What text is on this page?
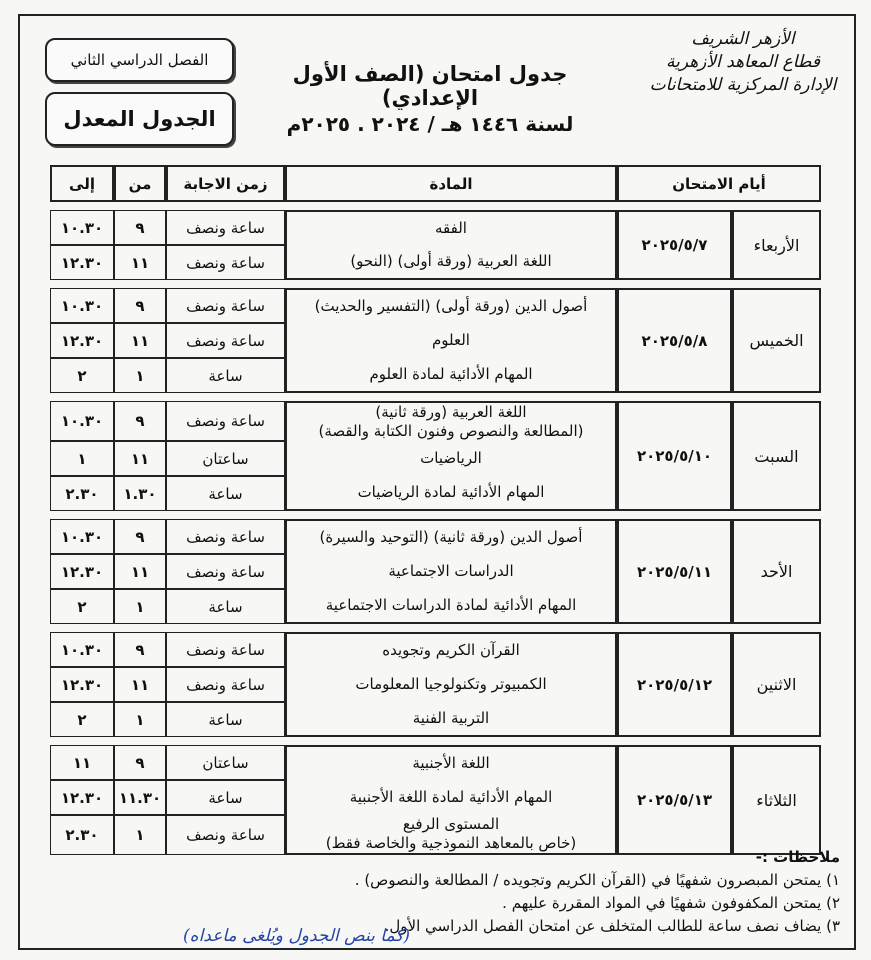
الأزهر الشريف
قطاع المعاهد الأزهرية
الإدارة المركزية للامتحانات
جدول امتحان (الصف الأول الإعدادي)
لسنة ١٤٤٦ هـ / ٢٠٢٤ . ٢٠٢٥م
الفصل الدراسي الثاني
الجدول المعدل
أيام الامتحان		المادة	زمن الاجابة	من	إلى

الأربعاء	٢٠٢٥/٥/٧	الفقه	ساعة ونصف	٩	١٠.٣٠

		اللغة العربية (ورقة أولى) (النحو)	ساعة ونصف	١١	١٢.٣٠

الخميس	٢٠٢٥/٥/٨	أصول الدين (ورقة أولى) (التفسير والحديث)	ساعة ونصف	٩	١٠.٣٠

		العلوم	ساعة ونصف	١١	١٢.٣٠

		المهام الأدائية لمادة العلوم	ساعة	١	٢

السبت	٢٠٢٥/٥/١٠	اللغة العربية (ورقة ثانية)
(المطالعة والنصوص وفنون الكتابة والقصة)	ساعة ونصف	٩	١٠.٣٠

		الرياضيات	ساعتان	١١	١

		المهام الأدائية لمادة الرياضيات	ساعة	١.٣٠	٢.٣٠

الأحد	٢٠٢٥/٥/١١	أصول الدين (ورقة ثانية) (التوحيد والسيرة)	ساعة ونصف	٩	١٠.٣٠

		الدراسات الاجتماعية	ساعة ونصف	١١	١٢.٣٠

		المهام الأدائية لمادة الدراسات الاجتماعية	ساعة	١	٢

الاثنين	٢٠٢٥/٥/١٢	القرآن الكريم وتجويده	ساعة ونصف	٩	١٠.٣٠

		الكمبيوتر وتكنولوجيا المعلومات	ساعة ونصف	١١	١٢.٣٠

		التربية الفنية	ساعة	١	٢

الثلاثاء	٢٠٢٥/٥/١٣	اللغة الأجنبية	ساعتان	٩	١١

		المهام الأدائية لمادة اللغة الأجنبية	ساعة	١١.٣٠	١٢.٣٠

		المستوى الرفيع
(خاص بالمعاهد النموذجية والخاصة فقط)	ساعة ونصف	١	٢.٣٠
ملاحظات :-
١) يمتحن المبصرون شفهيًا في (القرآن الكريم وتجويده / المطالعة والنصوص) .
٢) يمتحن المكفوفون شفهيًا في المواد المقررة عليهم .
٣) يضاف نصف ساعة للطالب المتخلف عن امتحان الفصل الدراسي الأول.
(كما بنص الجدول ويُلغى ماعداه)
